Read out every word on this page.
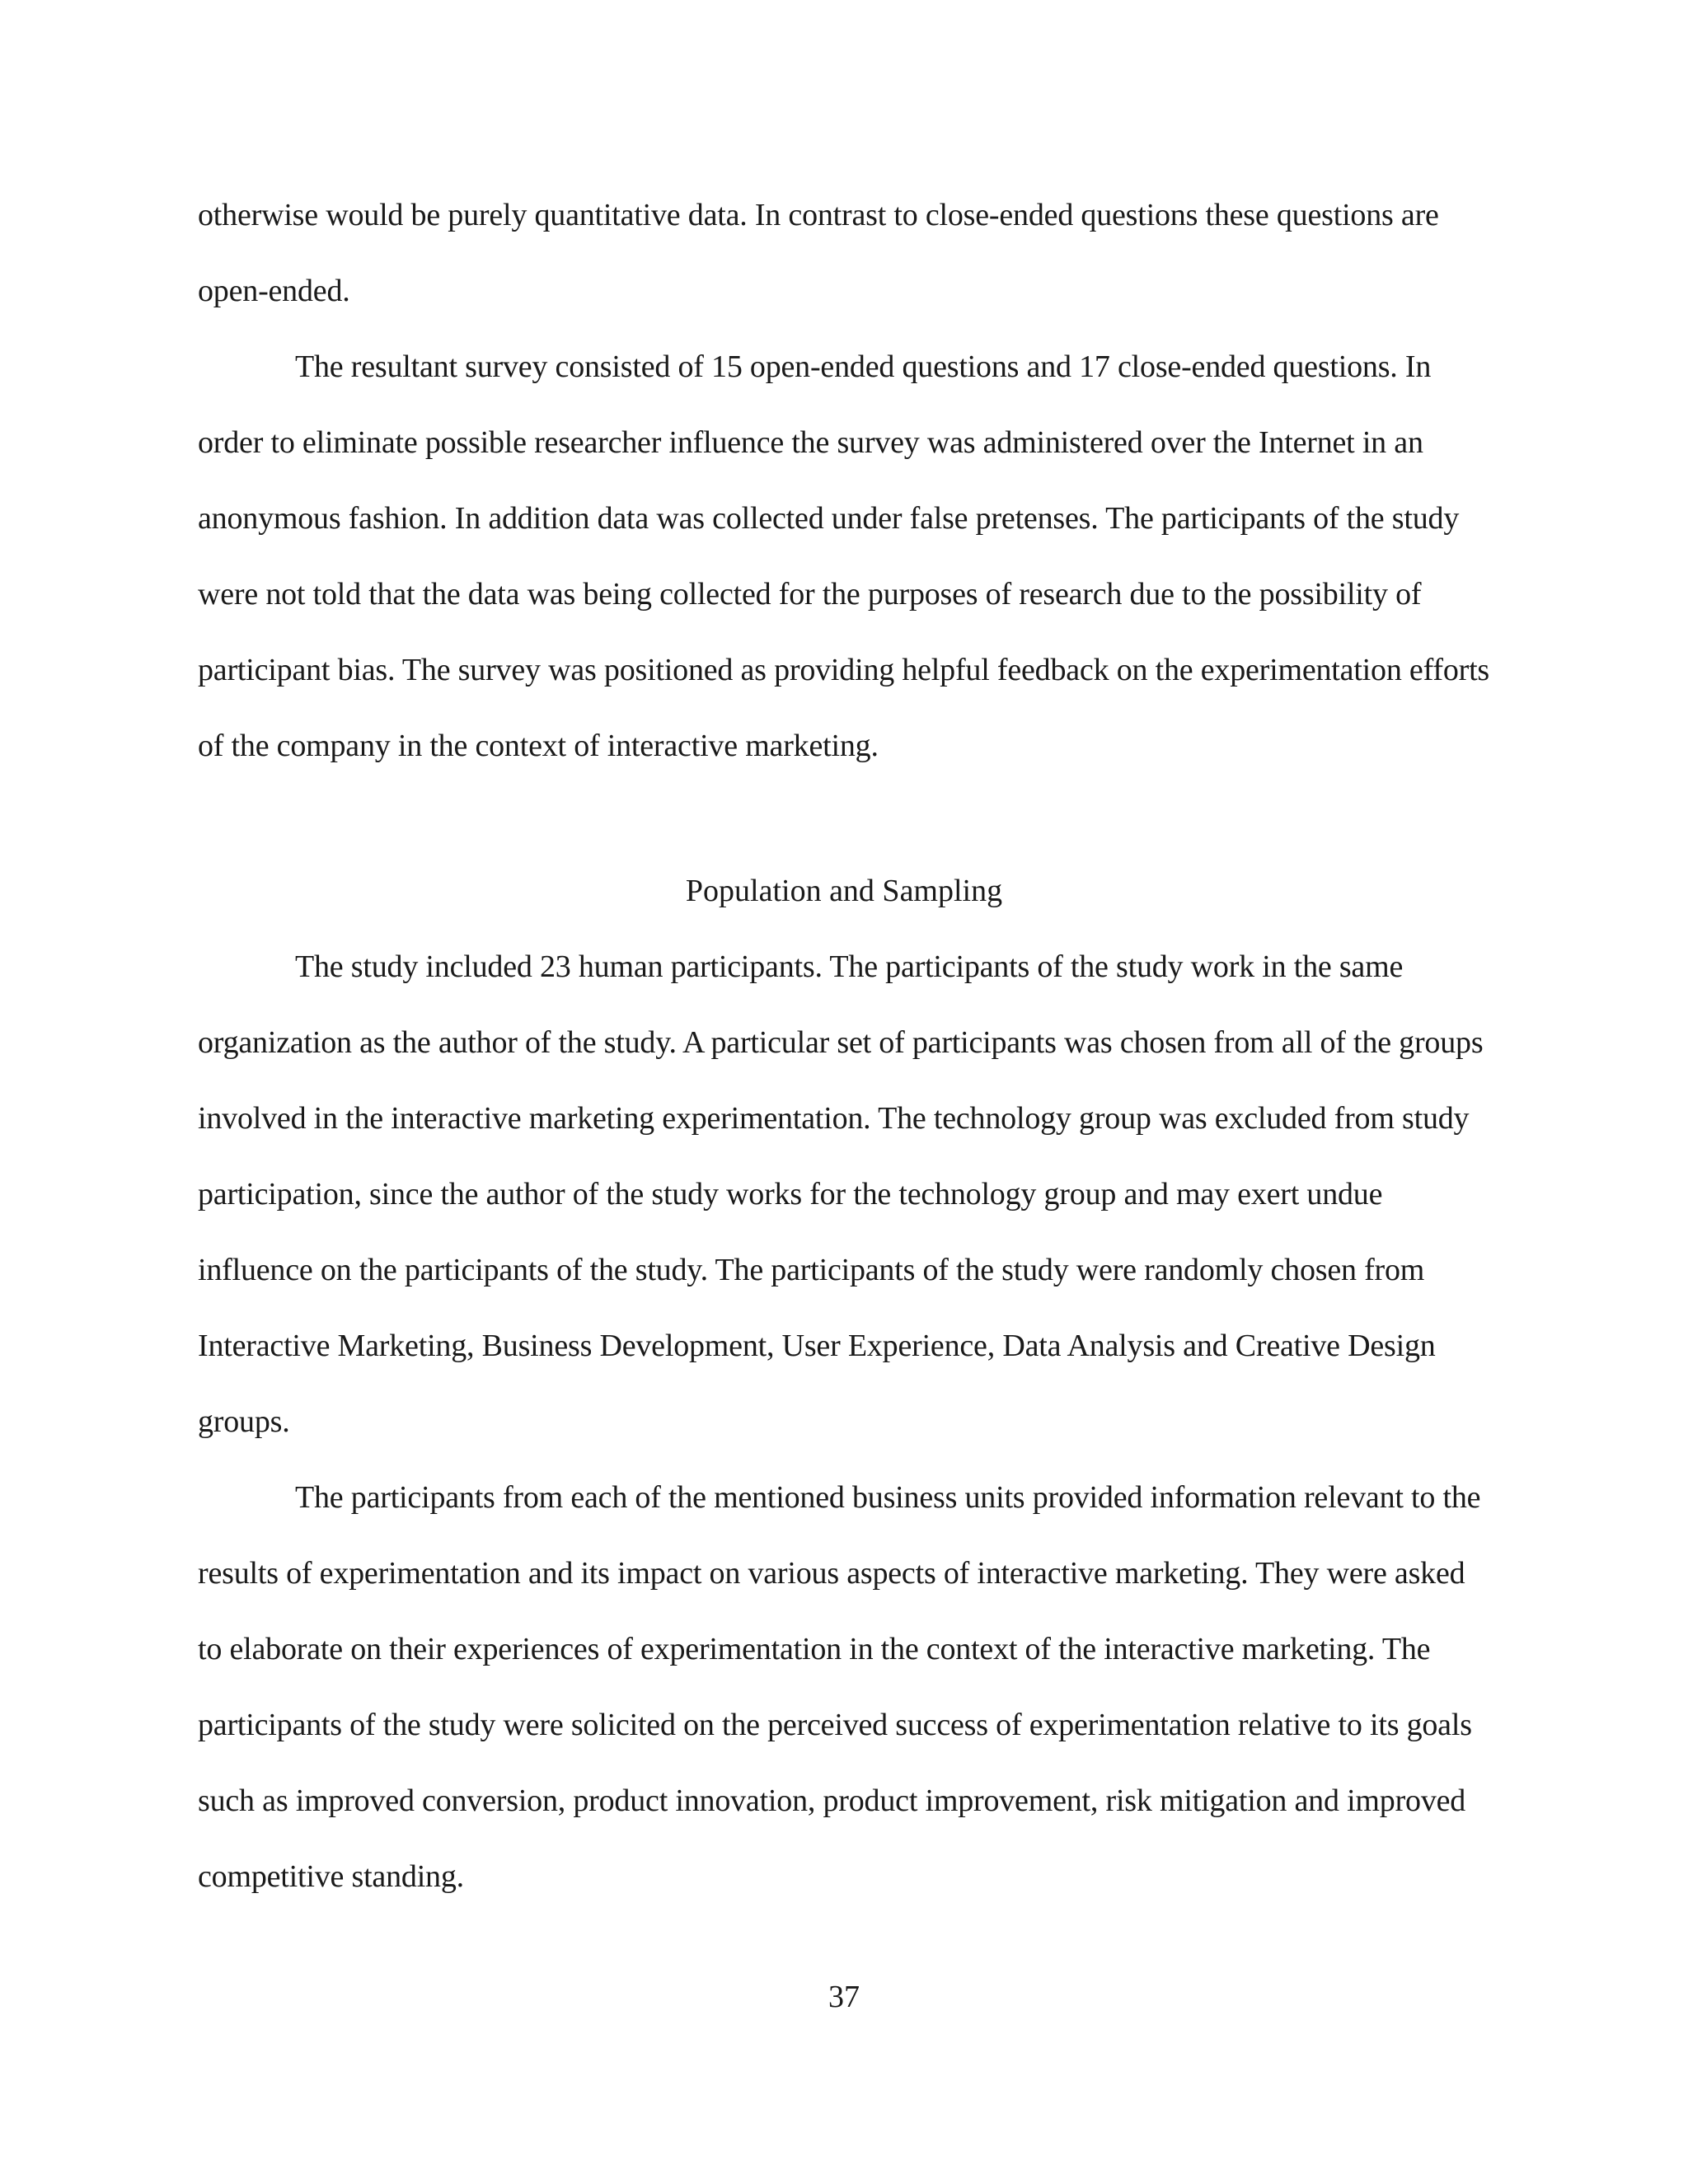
otherwise would be purely quantitative data. In contrast to close-ended questions these questions are open-ended.

The resultant survey consisted of 15 open-ended questions and 17 close-ended questions. In order to eliminate possible researcher influence the survey was administered over the Internet in an anonymous fashion. In addition data was collected under false pretenses. The participants of the study were not told that the data was being collected for the purposes of research due to the possibility of participant bias. The survey was positioned as providing helpful feedback on the experimentation efforts of the company in the context of interactive marketing.

Population and Sampling

The study included 23 human participants. The participants of the study work in the same organization as the author of the study. A particular set of participants was chosen from all of the groups involved in the interactive marketing experimentation. The technology group was excluded from study participation, since the author of the study works for the technology group and may exert undue influence on the participants of the study. The participants of the study were randomly chosen from Interactive Marketing, Business Development, User Experience, Data Analysis and Creative Design groups.

The participants from each of the mentioned business units provided information relevant to the results of experimentation and its impact on various aspects of interactive marketing. They were asked to elaborate on their experiences of experimentation in the context of the interactive marketing. The participants of the study were solicited on the perceived success of experimentation relative to its goals such as improved conversion, product innovation, product improvement, risk mitigation and improved competitive standing.

37
